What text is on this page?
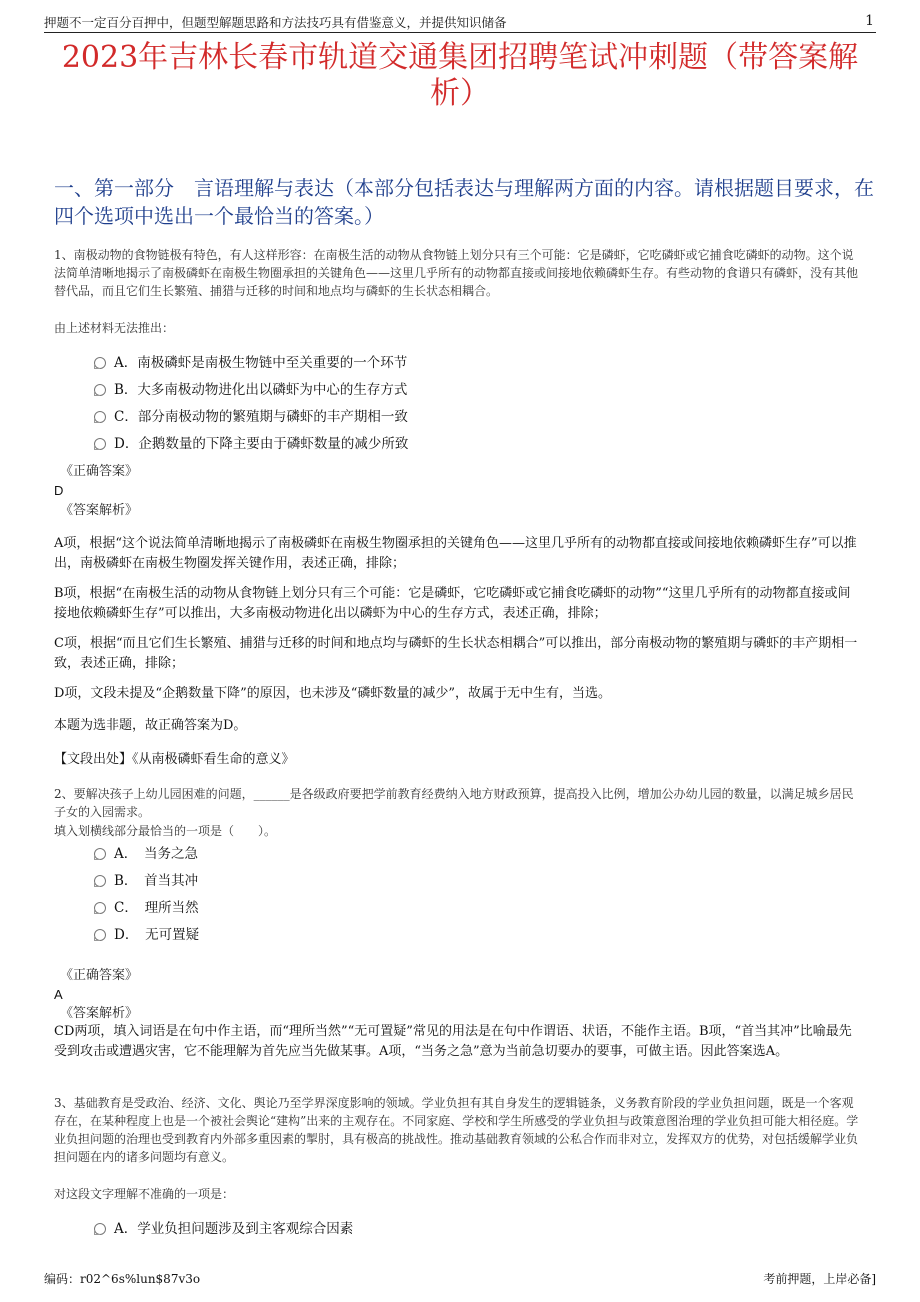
押题不一定百分百押中，但题型解题思路和方法技巧具有借鉴意义，并提供知识储备	1
2023年吉林长春市轨道交通集团招聘笔试冲刺题（带答案解析）
一、第一部分　言语理解与表达（本部分包括表达与理解两方面的内容。请根据题目要求，在四个选项中选出一个最恰当的答案。）

1、南极动物的食物链极有特色，有人这样形容：在南极生活的动物从食物链上划分只有三个可能：它是磷虾，它吃磷虾或它捕食吃磷虾的动物。这个说法简单清晰地揭示了南极磷虾在南极生物圈承担的关键角色——这里几乎所有的动物都直接或间接地依赖磷虾生存。有些动物的食谱只有磷虾，没有其他替代品，而且它们生长繁殖、捕猎与迁移的时间和地点均与磷虾的生长状态相耦合。

由上述材料无法推出：

A．南极磷虾是南极生物链中至关重要的一个环节
B．大多南极动物进化出以磷虾为中心的生存方式
C．部分南极动物的繁殖期与磷虾的丰产期相一致
D．企鹅数量的下降主要由于磷虾数量的减少所致
《正确答案》
D
《答案解析》

A项，根据“这个说法简单清晰地揭示了南极磷虾在南极生物圈承担的关键角色——这里几乎所有的动物都直接或间接地依赖磷虾生存”可以推出，南极磷虾在南极生物圈发挥关键作用，表述正确，排除；

B项，根据“在南极生活的动物从食物链上划分只有三个可能：它是磷虾，它吃磷虾或它捕食吃磷虾的动物”“这里几乎所有的动物都直接或间接地依赖磷虾生存”可以推出，大多南极动物进化出以磷虾为中心的生存方式，表述正确，排除；

C项，根据“而且它们生长繁殖、捕猎与迁移的时间和地点均与磷虾的生长状态相耦合”可以推出，部分南极动物的繁殖期与磷虾的丰产期相一致，表述正确，排除；

D项，文段未提及“企鹅数量下降”的原因，也未涉及“磷虾数量的减少”，故属于无中生有，当选。

本题为选非题，故正确答案为D。

【文段出处】《从南极磷虾看生命的意义》

2、要解决孩子上幼儿园困难的问题，______是各级政府要把学前教育经费纳入地方财政预算，提高投入比例，增加公办幼儿园的数量，以满足城乡居民子女的入园需求。

填入划横线部分最恰当的一项是（　　）。

A．　当务之急
B．　首当其冲
C．　理所当然
D．　无可置疑
《正确答案》
A
《答案解析》

CD两项，填入词语是在句中作主语，而“理所当然”“无可置疑”常见的用法是在句中作谓语、状语，不能作主语。B项，“首当其冲”比喻最先受到攻击或遭遇灾害，它不能理解为首先应当先做某事。A项，“当务之急”意为当前急切要办的要事，可做主语。因此答案选A。

3、基础教育是受政治、经济、文化、舆论乃至学界深度影响的领域。学业负担有其自身发生的逻辑链条，义务教育阶段的学业负担问题，既是一个客观存在，在某种程度上也是一个被社会舆论“建构”出来的主观存在。不同家庭、学校和学生所感受的学业负担与政策意图治理的学业负担可能大相径庭。学业负担问题的治理也受到教育内外部多重因素的掣肘，具有极高的挑战性。推动基础教育领域的公私合作而非对立，发挥双方的优势，对包括缓解学业负担问题在内的诸多问题均有意义。

对这段文字理解不准确的一项是：

A．学业负担问题涉及到主客观综合因素
编码：r02^6s%lun$87v3o	考前押题，上岸必备]
